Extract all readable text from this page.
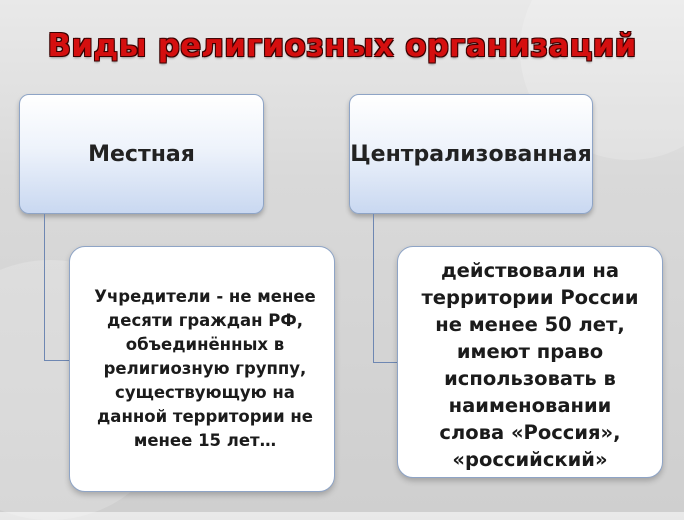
Виды религиозных организаций
Местная	Централизованная
Учредители - не менее
десяти граждан РФ,
объединённых в
религиозную группу,
существующую на
данной территории не
менее 15 лет…
действовали на
территории России
не менее 50 лет,
имеют право
использовать в
наименовании
слова «Россия»,
«российский»
